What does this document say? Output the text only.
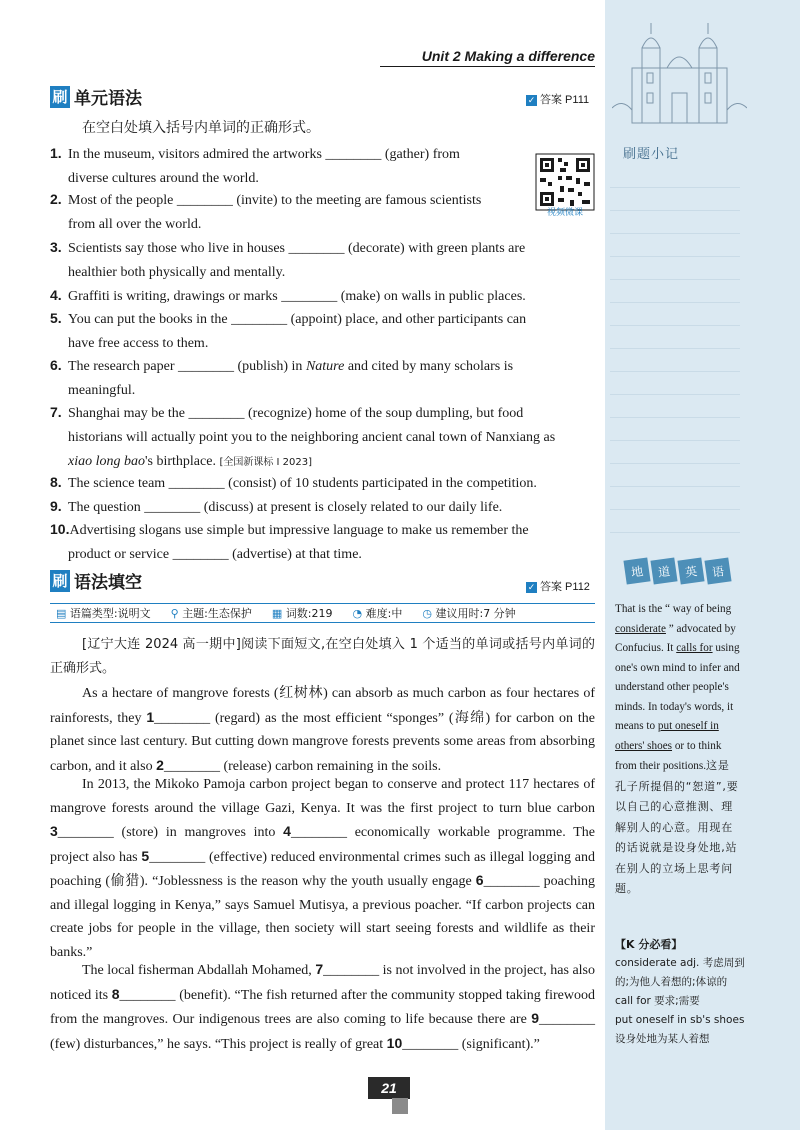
刷题小记
地	道	英	语
That is the “ way of being considerate ” advocated by Confucius. It calls for using one's own mind to infer and understand other people's minds. In today's words, it means to put oneself in others' shoes or to think from their positions.这是孔子所提倡的“恕道”,要以自己的心意推测、理解别人的心意。用现在的话说就是设身处地,站在别人的立场上思考问题。
【K 分必看】
considerate adj. 考虑周到的;为他人着想的;体谅的
call for 要求;需要
put oneself in sb's shoes 设身处地为某人着想
Unit 2 Making a difference
刷 单元语法	✓ 答案 P111
在空白处填入括号内单词的正确形式。
视频微课
1. In the museum, visitors admired the artworks ________ (gather) from
diverse cultures around the world.
2. Most of the people ________ (invite) to the meeting are famous scientists
from all over the world.
3. Scientists say those who live in houses ________ (decorate) with green plants are
healthier both physically and mentally.
4. Graffiti is writing, drawings or marks ________ (make) on walls in public places.
5. You can put the books in the ________ (appoint) place, and other participants can
have free access to them.
6. The research paper ________ (publish) in Nature and cited by many scholars is
meaningful.
7. Shanghai may be the ________ (recognize) home of the soup dumpling, but food
historians will actually point you to the neighboring ancient canal town of Nanxiang as
xiao long bao's birthplace. [全国新课标 I 2023]
8. The science team ________ (consist) of 10 students participated in the competition.
9. The question ________ (discuss) at present is closely related to our daily life.
10.Advertising slogans use simple but impressive language to make us remember the
product or service ________ (advertise) at that time.
刷 语法填空	✓ 答案 P112
▤ 语篇类型:说明文 ⚲ 主题:生态保护 ▦ 词数:219 ◔ 难度:中 ◷ 建议用时:7 分钟
[辽宁大连 2024 高一期中]阅读下面短文,在空白处填入 1 个适当的单词或括号内单词的正确形式。
As a hectare of mangrove forests (红树林) can absorb as much carbon as four hectares of rainforests, they 1________ (regard) as the most efficient “sponges” (海绵) for carbon on the planet since last century. But cutting down mangrove forests prevents some areas from absorbing carbon, and it also 2________ (release) carbon remaining in the soils.
In 2013, the Mikoko Pamoja carbon project began to conserve and protect 117 hectares of mangrove forests around the village Gazi, Kenya. It was the first project to turn blue carbon 3________ (store) in mangroves into 4________ economically workable programme. The project also has 5________ (effective) reduced environmental crimes such as illegal logging and poaching (偷猎). “Joblessness is the reason why the youth usually engage 6________ poaching and illegal logging in Kenya,” says Samuel Mutisya, a previous poacher. “If carbon projects can create jobs for people in the village, then society will start seeing forests and wildlife as their banks.”
The local fisherman Abdallah Mohamed, 7________ is not involved in the project, has also noticed its 8________ (benefit). “The fish returned after the community stopped taking firewood from the mangroves. Our indigenous trees are also coming to life because there are 9________ (few) disturbances,” he says. “This project is really of great 10________ (significant).”
21
